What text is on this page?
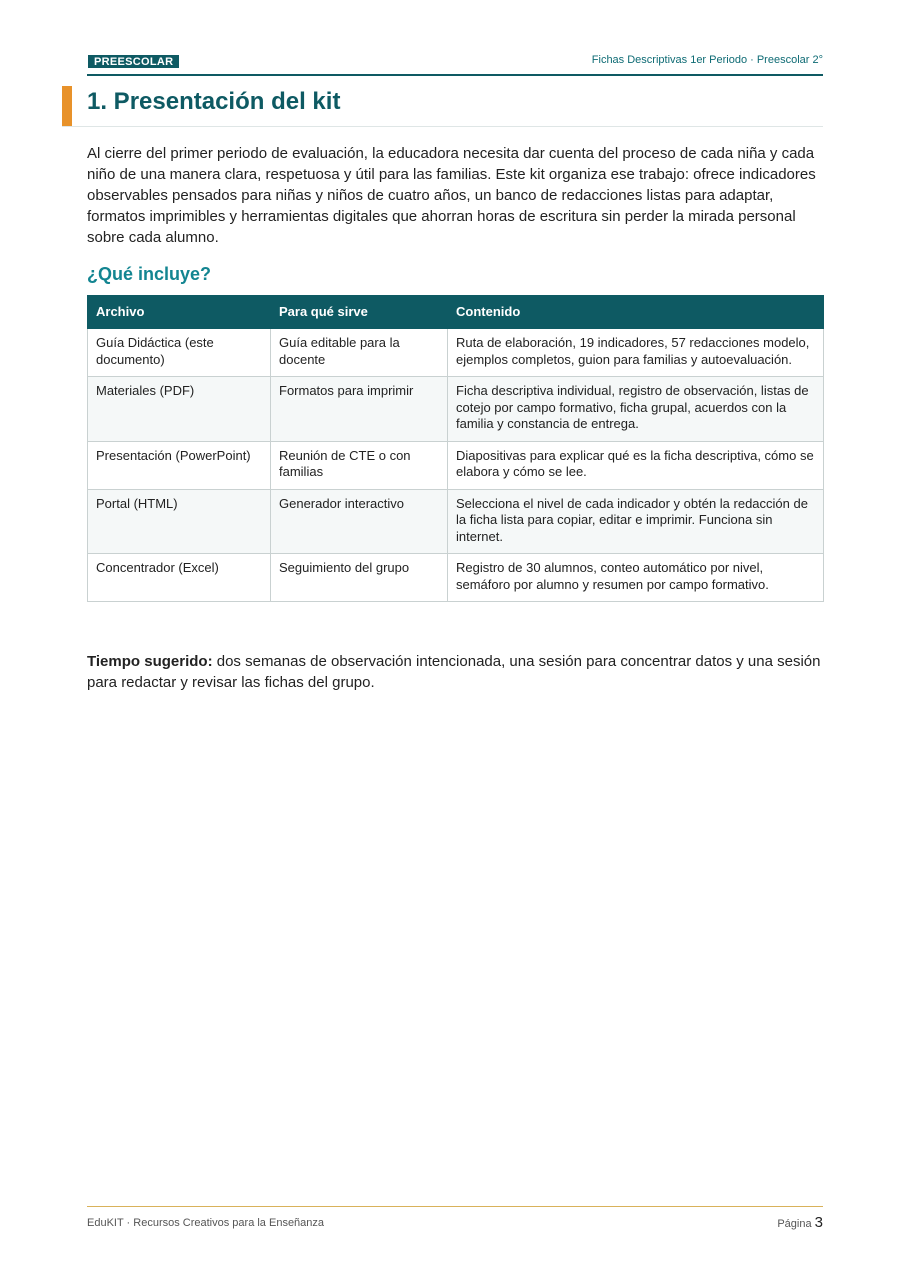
PREESCOLAR	Fichas Descriptivas 1er Periodo · Preescolar 2°
1. Presentación del kit

Al cierre del primer periodo de evaluación, la educadora necesita dar cuenta del proceso de cada niña y cada niño de una manera clara, respetuosa y útil para las familias. Este kit organiza ese trabajo: ofrece indicadores observables pensados para niñas y niños de cuatro años, un banco de redacciones listas para adaptar, formatos imprimibles y herramientas digitales que ahorran horas de escritura sin perder la mirada personal sobre cada alumno.

¿Qué incluye?
Archivo	Para qué sirve	Contenido
Guía Didáctica (este documento)	Guía editable para la docente	Ruta de elaboración, 19 indicadores, 57 redacciones modelo, ejemplos completos, guion para familias y autoevaluación.
Materiales (PDF)	Formatos para imprimir	Ficha descriptiva individual, registro de observación, listas de cotejo por campo formativo, ficha grupal, acuerdos con la familia y constancia de entrega.
Presentación (PowerPoint)	Reunión de CTE o con familias	Diapositivas para explicar qué es la ficha descriptiva, cómo se elabora y cómo se lee.
Portal (HTML)	Generador interactivo	Selecciona el nivel de cada indicador y obtén la redacción de la ficha lista para copiar, editar e imprimir. Funciona sin internet.
Concentrador (Excel)	Seguimiento del grupo	Registro de 30 alumnos, conteo automático por nivel, semáforo por alumno y resumen por campo formativo.

Tiempo sugerido: dos semanas de observación intencionada, una sesión para concentrar datos y una sesión para redactar y revisar las fichas del grupo.

EduKIT · Recursos Creativos para la Enseñanza	Página 3
